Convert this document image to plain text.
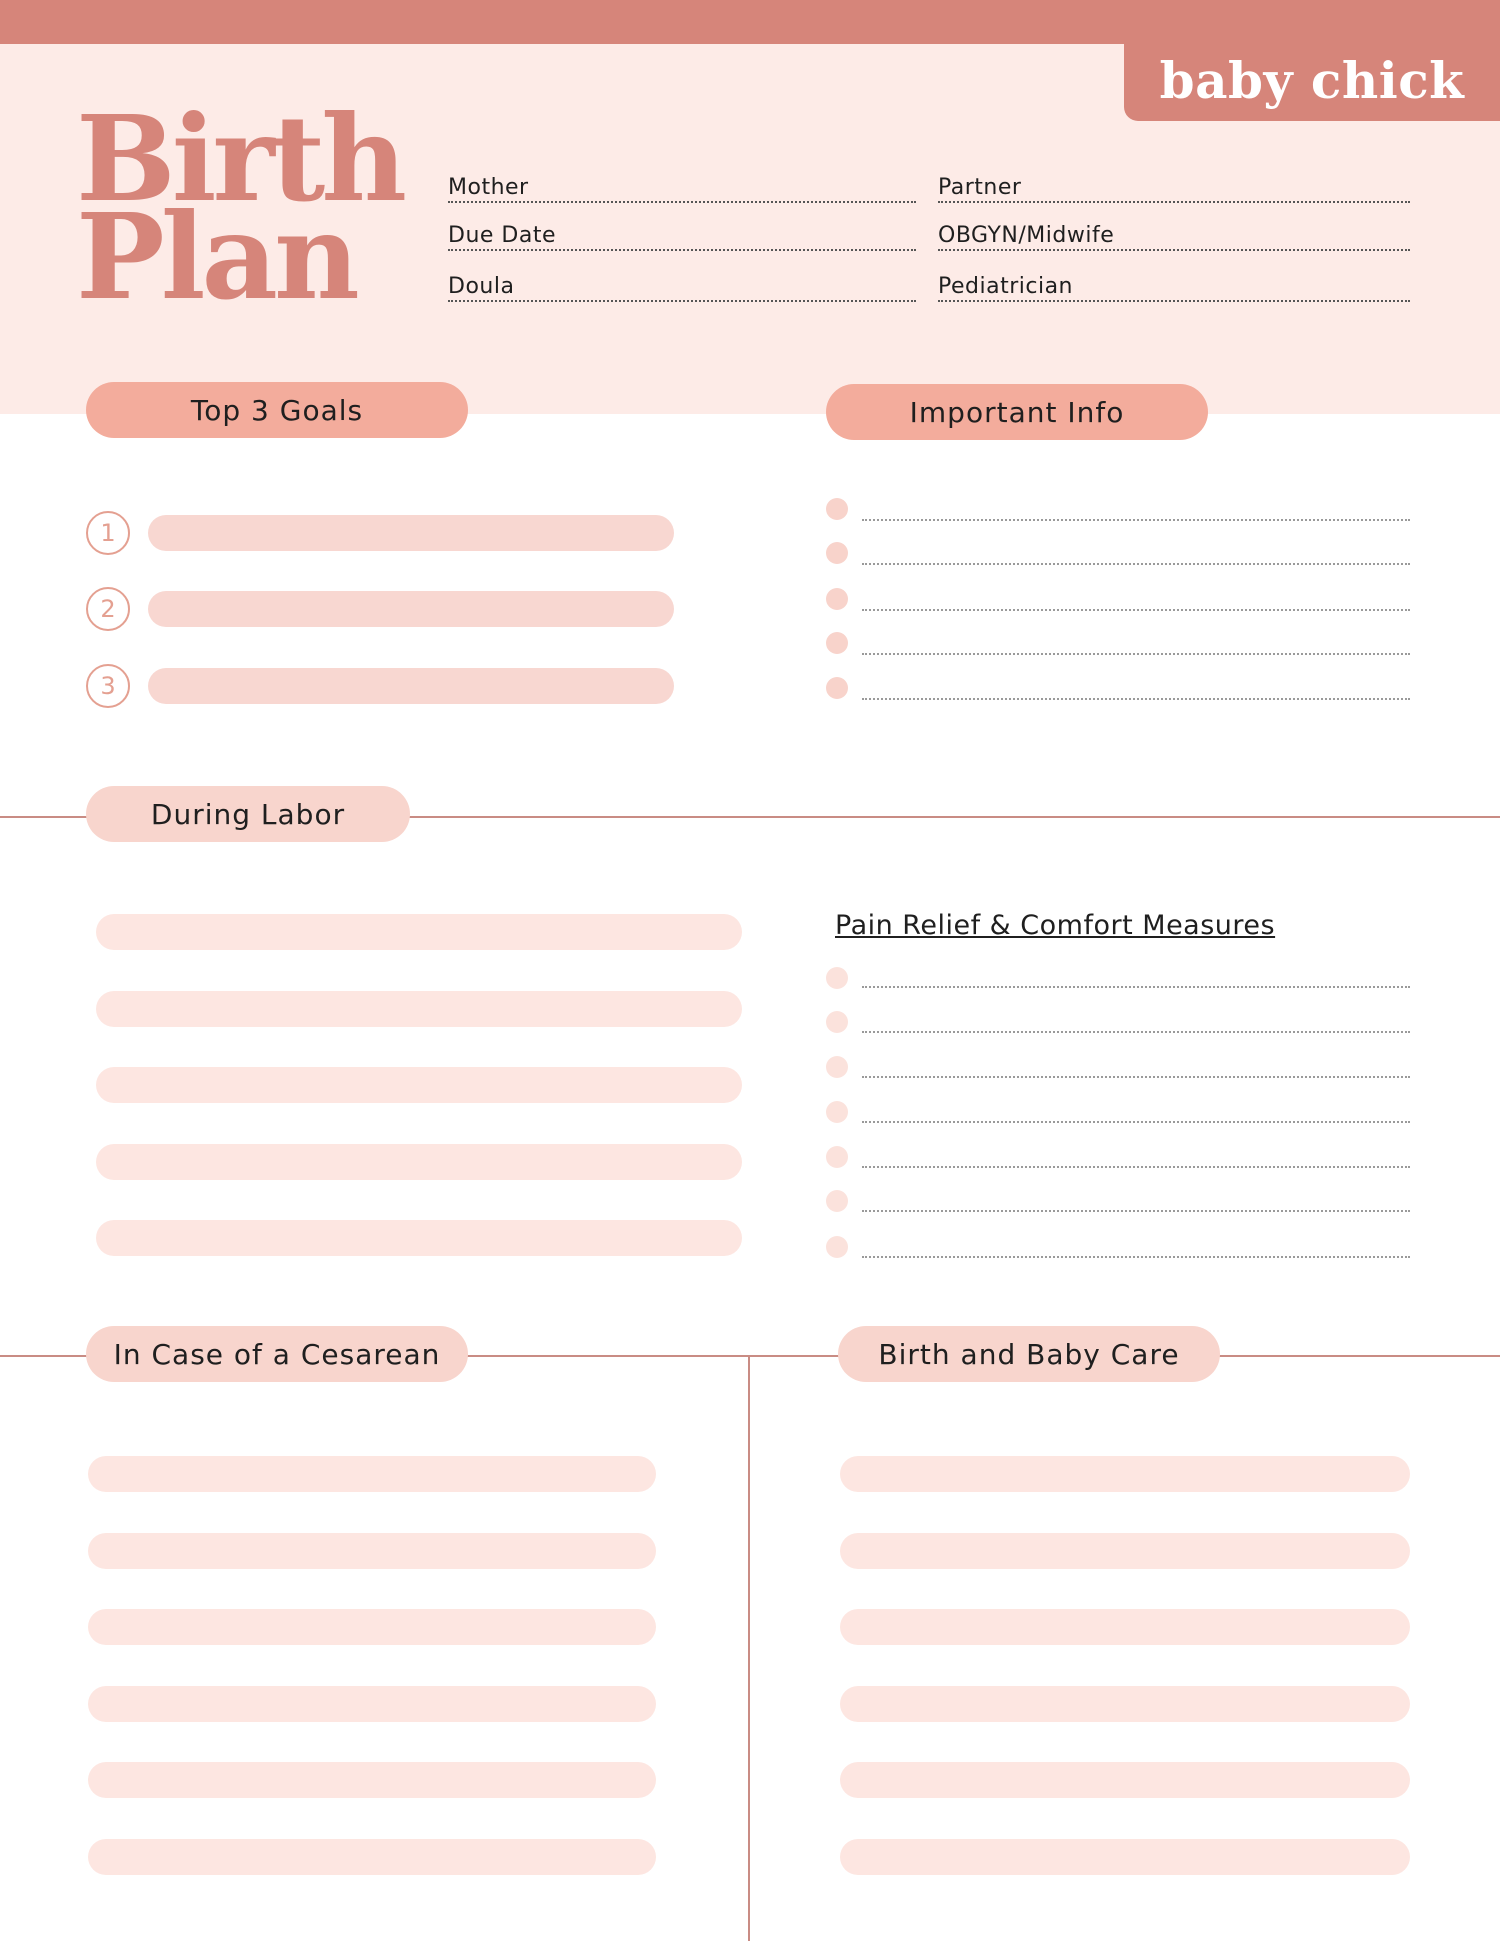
baby chick
Birth
Plan	Mother	Partner
Due Date	OBGYN/Midwife
Doula	Pediatrician
Top 3 Goals
1
2
3
Important Info
During Labor
Pain Relief & Comfort Measures
In Case of a Cesarean	Birth and Baby Care
